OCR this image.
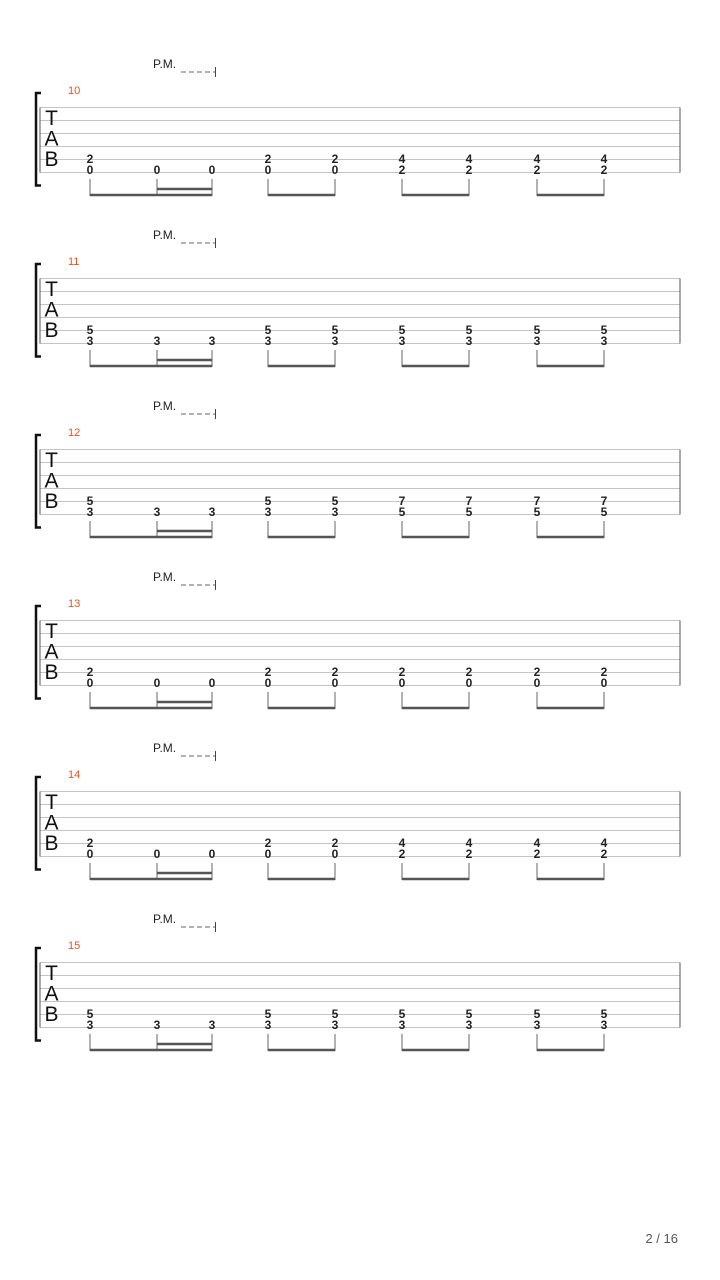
P.M.
10
T
A
B 2
0	0	0
2
0
2
0
4
2
4
2
4
2
4
2
P.M.
11
T
A
B 5
3	3	3
5
3
5
3
5
3
5
3
5
3
5
3
P.M.
12
T
A
B 5
3	3	3
5
3
5
3
7
5
7
5
7
5
7
5
P.M.
13
T
A
B 2
0	0	0
2
0
2
0
2
0
2
0
2
0
2
0
P.M.
14
T
A
B 2
0	0	0
2
0
2
0
4
2
4
2
4
2
4
2
P.M.
15
T
A
B 5
3	3	3
5
3
5
3
5
3
5
3
5
3
5
3
2 / 16
